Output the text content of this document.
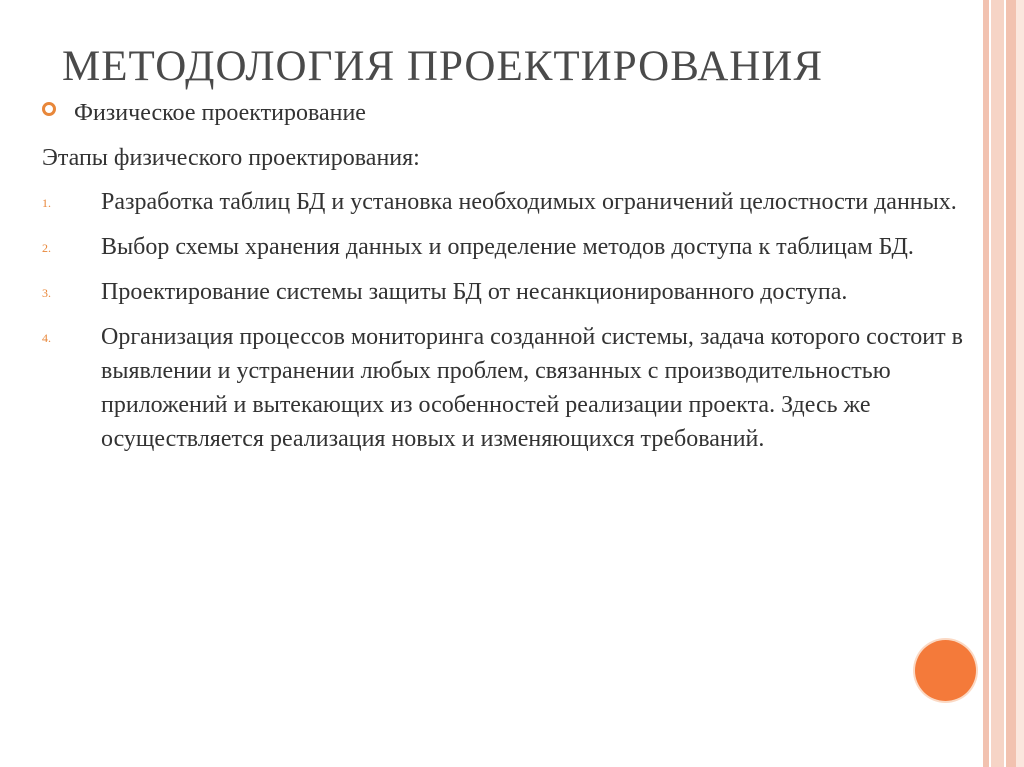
МЕТОДОЛОГИЯ ПРОЕКТИРОВАНИЯ
Физическое проектирование
Этапы физического проектирования:
1. Разработка таблиц БД и установка необходимых ограничений целостности данных.
2. Выбор схемы хранения данных и определение методов доступа к таблицам БД.
3. Проектирование системы защиты БД от несанкционированного доступа.
4. Организация процессов мониторинга созданной системы, задача которого состоит в выявлении и устранении любых проблем, связанных с производительностью приложений и вытекающих из особенностей реализации проекта. Здесь же осуществляется реализация новых и изменяющихся требований.
